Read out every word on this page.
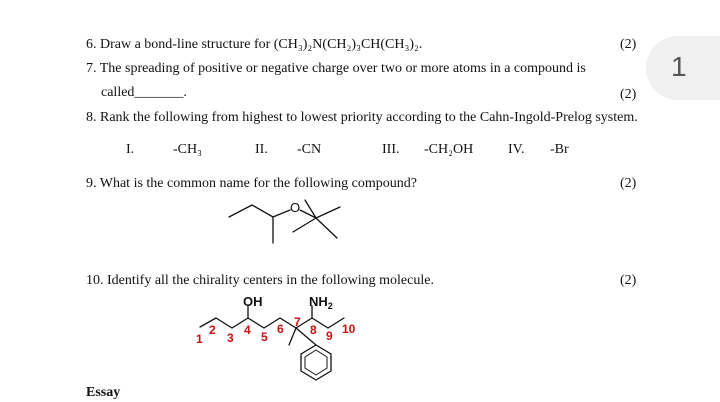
1
6. Draw a bond-line structure for (CH₃)₂N(CH₂)₃CH(CH₃)₂.	(2)
7. The spreading of positive or negative charge over two or more atoms in a compound is
called_______.	(2)
8. Rank the following from highest to lowest priority according to the Cahn-Ingold-Prelog system.
I.	-CH₃	II. -CN	III. -CH₂OH IV. -Br
9. What is the common name for the following compound?	(2)
O
10. Identify all the chirality centers in the following molecule.	(2)
OH	$NH_2$
1
2
3
4 5
6 7
8 9 10
Essay
